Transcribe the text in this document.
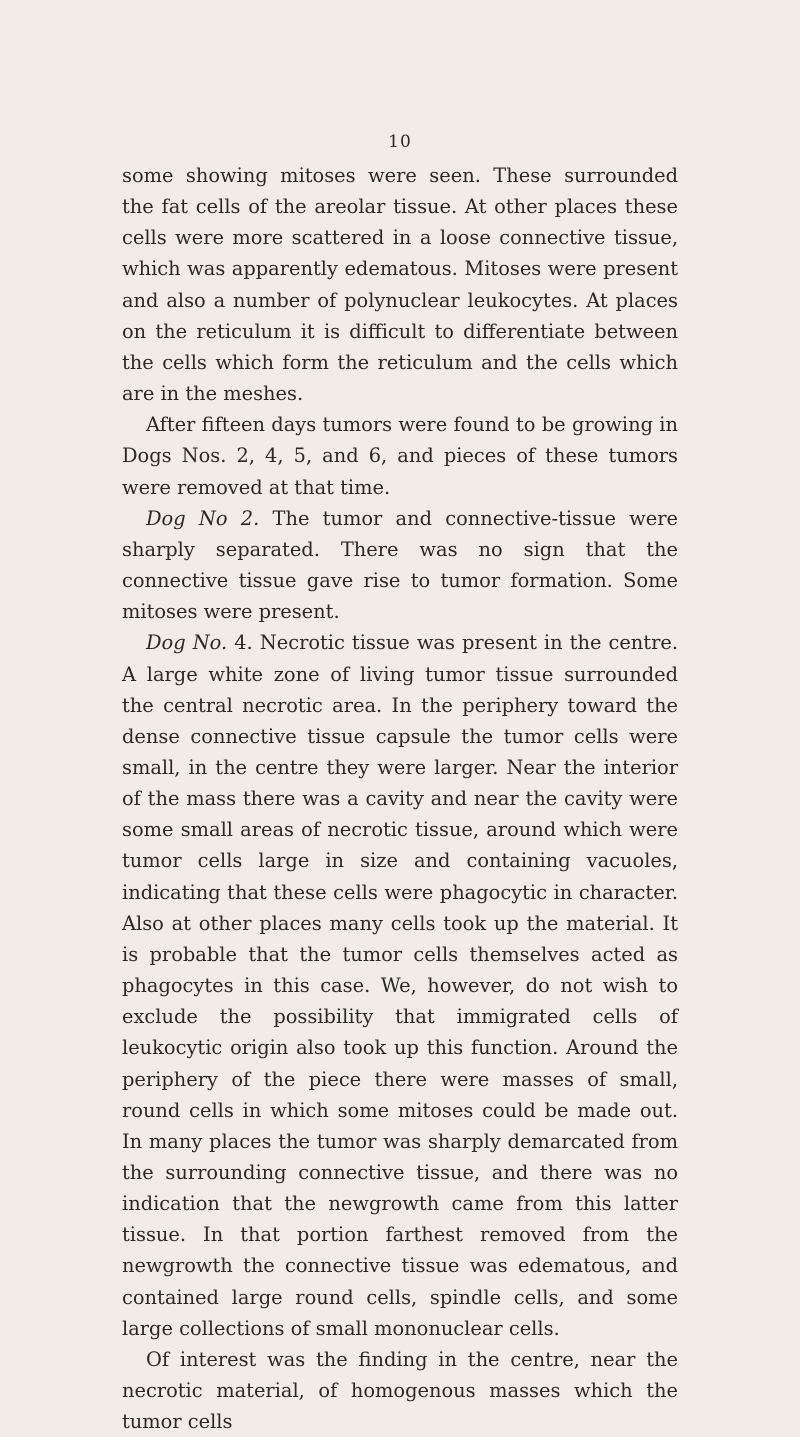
10

some showing mitoses were seen. These surrounded the fat cells of the areolar tissue. At other places these cells were more scattered in a loose connective tissue, which was apparently edematous. Mitoses were present and also a number of polynuclear leukocytes. At places on the reticulum it is difficult to differentiate between the cells which form the reticulum and the cells which are in the meshes.

After fifteen days tumors were found to be growing in Dogs Nos. 2, 4, 5, and 6, and pieces of these tumors were removed at that time.

Dog No 2. The tumor and connective-tissue were sharply separated. There was no sign that the connective tissue gave rise to tumor formation. Some mitoses were present.

Dog No. 4. Necrotic tissue was present in the centre. A large white zone of living tumor tissue surrounded the central necrotic area. In the periphery toward the dense connective tissue capsule the tumor cells were small, in the centre they were larger. Near the interior of the mass there was a cavity and near the cavity were some small areas of necrotic tissue, around which were tumor cells large in size and containing vacuoles, indicating that these cells were phagocytic in character. Also at other places many cells took up the material. It is probable that the tumor cells themselves acted as phagocytes in this case. We, however, do not wish to exclude the possibility that immigrated cells of leukocytic origin also took up this function. Around the periphery of the piece there were masses of small, round cells in which some mitoses could be made out. In many places the tumor was sharply demarcated from the surrounding connective tissue, and there was no indication that the newgrowth came from this latter tissue. In that portion farthest removed from the newgrowth the connective tissue was edematous, and contained large round cells, spindle cells, and some large collections of small mononuclear cells.

Of interest was the finding in the centre, near the necrotic material, of homogenous masses which the tumor cells
